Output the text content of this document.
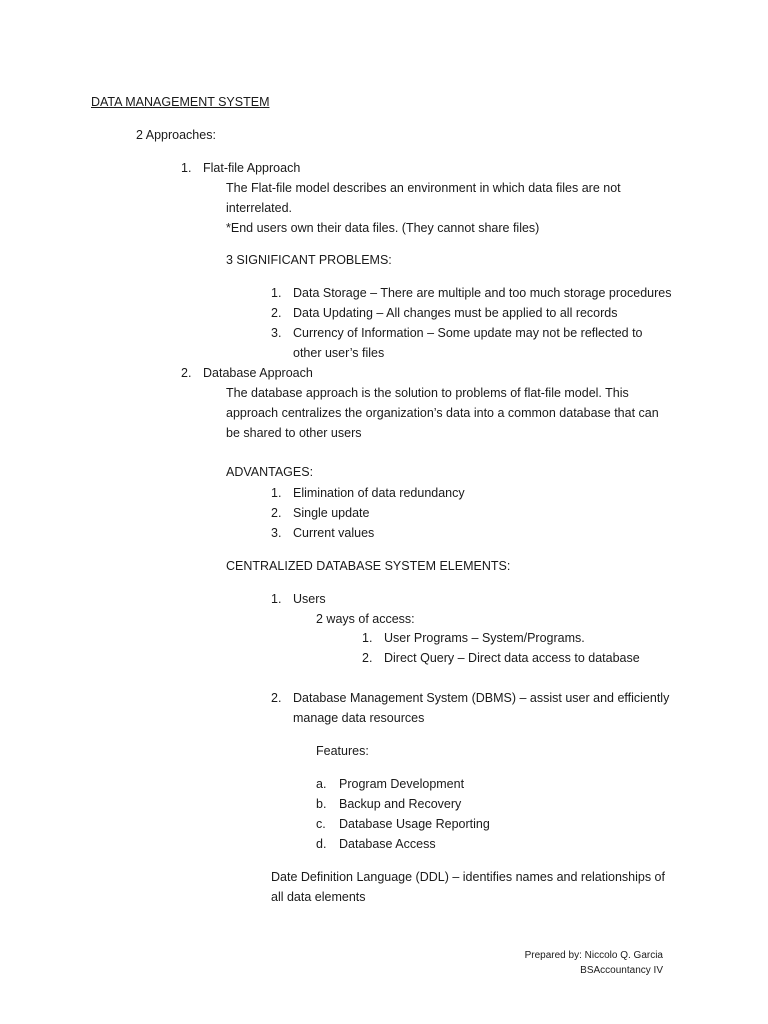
DATA MANAGEMENT SYSTEM
2 Approaches:
1. Flat-file Approach
The Flat-file model describes an environment in which data files are not
interrelated.
*End users own their data files. (They cannot share files)
3 SIGNIFICANT PROBLEMS:
1. Data Storage – There are multiple and too much storage procedures
2. Data Updating – All changes must be applied to all records
3. Currency of Information – Some update may not be reflected to
other user’s files
2. Database Approach
The database approach is the solution to problems of flat-file model. This
approach centralizes the organization’s data into a common database that can
be shared to other users
ADVANTAGES:
1. Elimination of data redundancy
2. Single update
3. Current values
CENTRALIZED DATABASE SYSTEM ELEMENTS:
1. Users
2 ways of access:
1. User Programs – System/Programs.
2. Direct Query – Direct data access to database
2. Database Management System (DBMS) – assist user and efficiently
manage data resources
Features:
a. Program Development
b. Backup and Recovery
c. Database Usage Reporting
d. Database Access
Date Definition Language (DDL) – identifies names and relationships of
all data elements
Prepared by: Niccolo Q. Garcia
BSAccountancy IV
